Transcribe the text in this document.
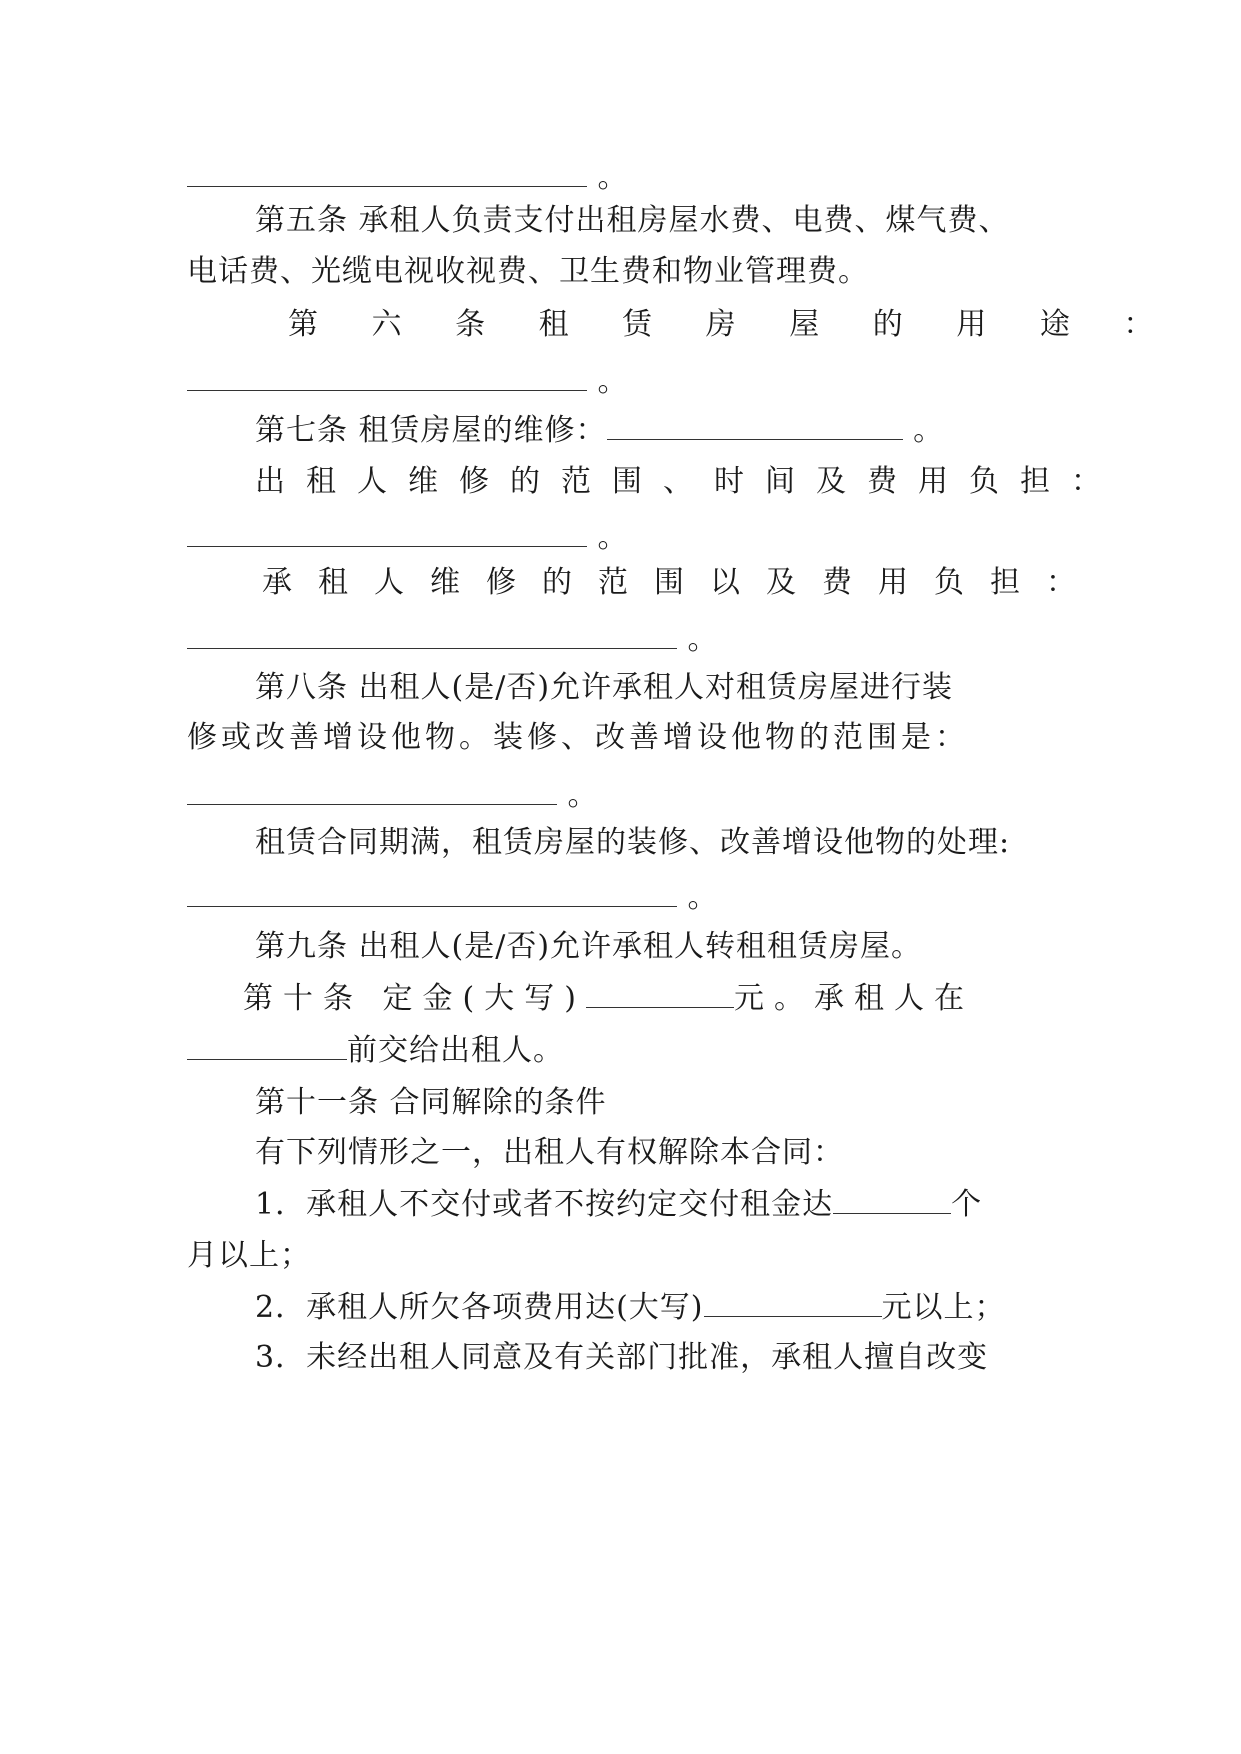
。
第五条 承租人负责支付出租房屋水费、电费、煤气费、
电话费、光缆电视收视费、卫生费和物业管理费。
第 六 条 租 赁 房 屋 的 用 途 ：
。
第七条 租赁房屋的维修：	。
出租人维修的范围、时间及费用负担：
。
承租人维修的范围以及费用负担：
。
第八条 出租人(是/否)允许承租人对租赁房屋进行装
修或改善增设他物。装修、改善增设他物的范围是：
。
租赁合同期满，租赁房屋的装修、改善增设他物的处理:
。
第九条 出租人(是/否)允许承租人转租租赁房屋。
第十条 定金(大写)	元。承租人在
前交给出租人。
第十一条 合同解除的条件
有下列情形之一，出租人有权解除本合同：
1．承租人不交付或者不按约定交付租金达	个
月以上；
2．承租人所欠各项费用达(大写)	元以上；
3．未经出租人同意及有关部门批准，承租人擅自改变
